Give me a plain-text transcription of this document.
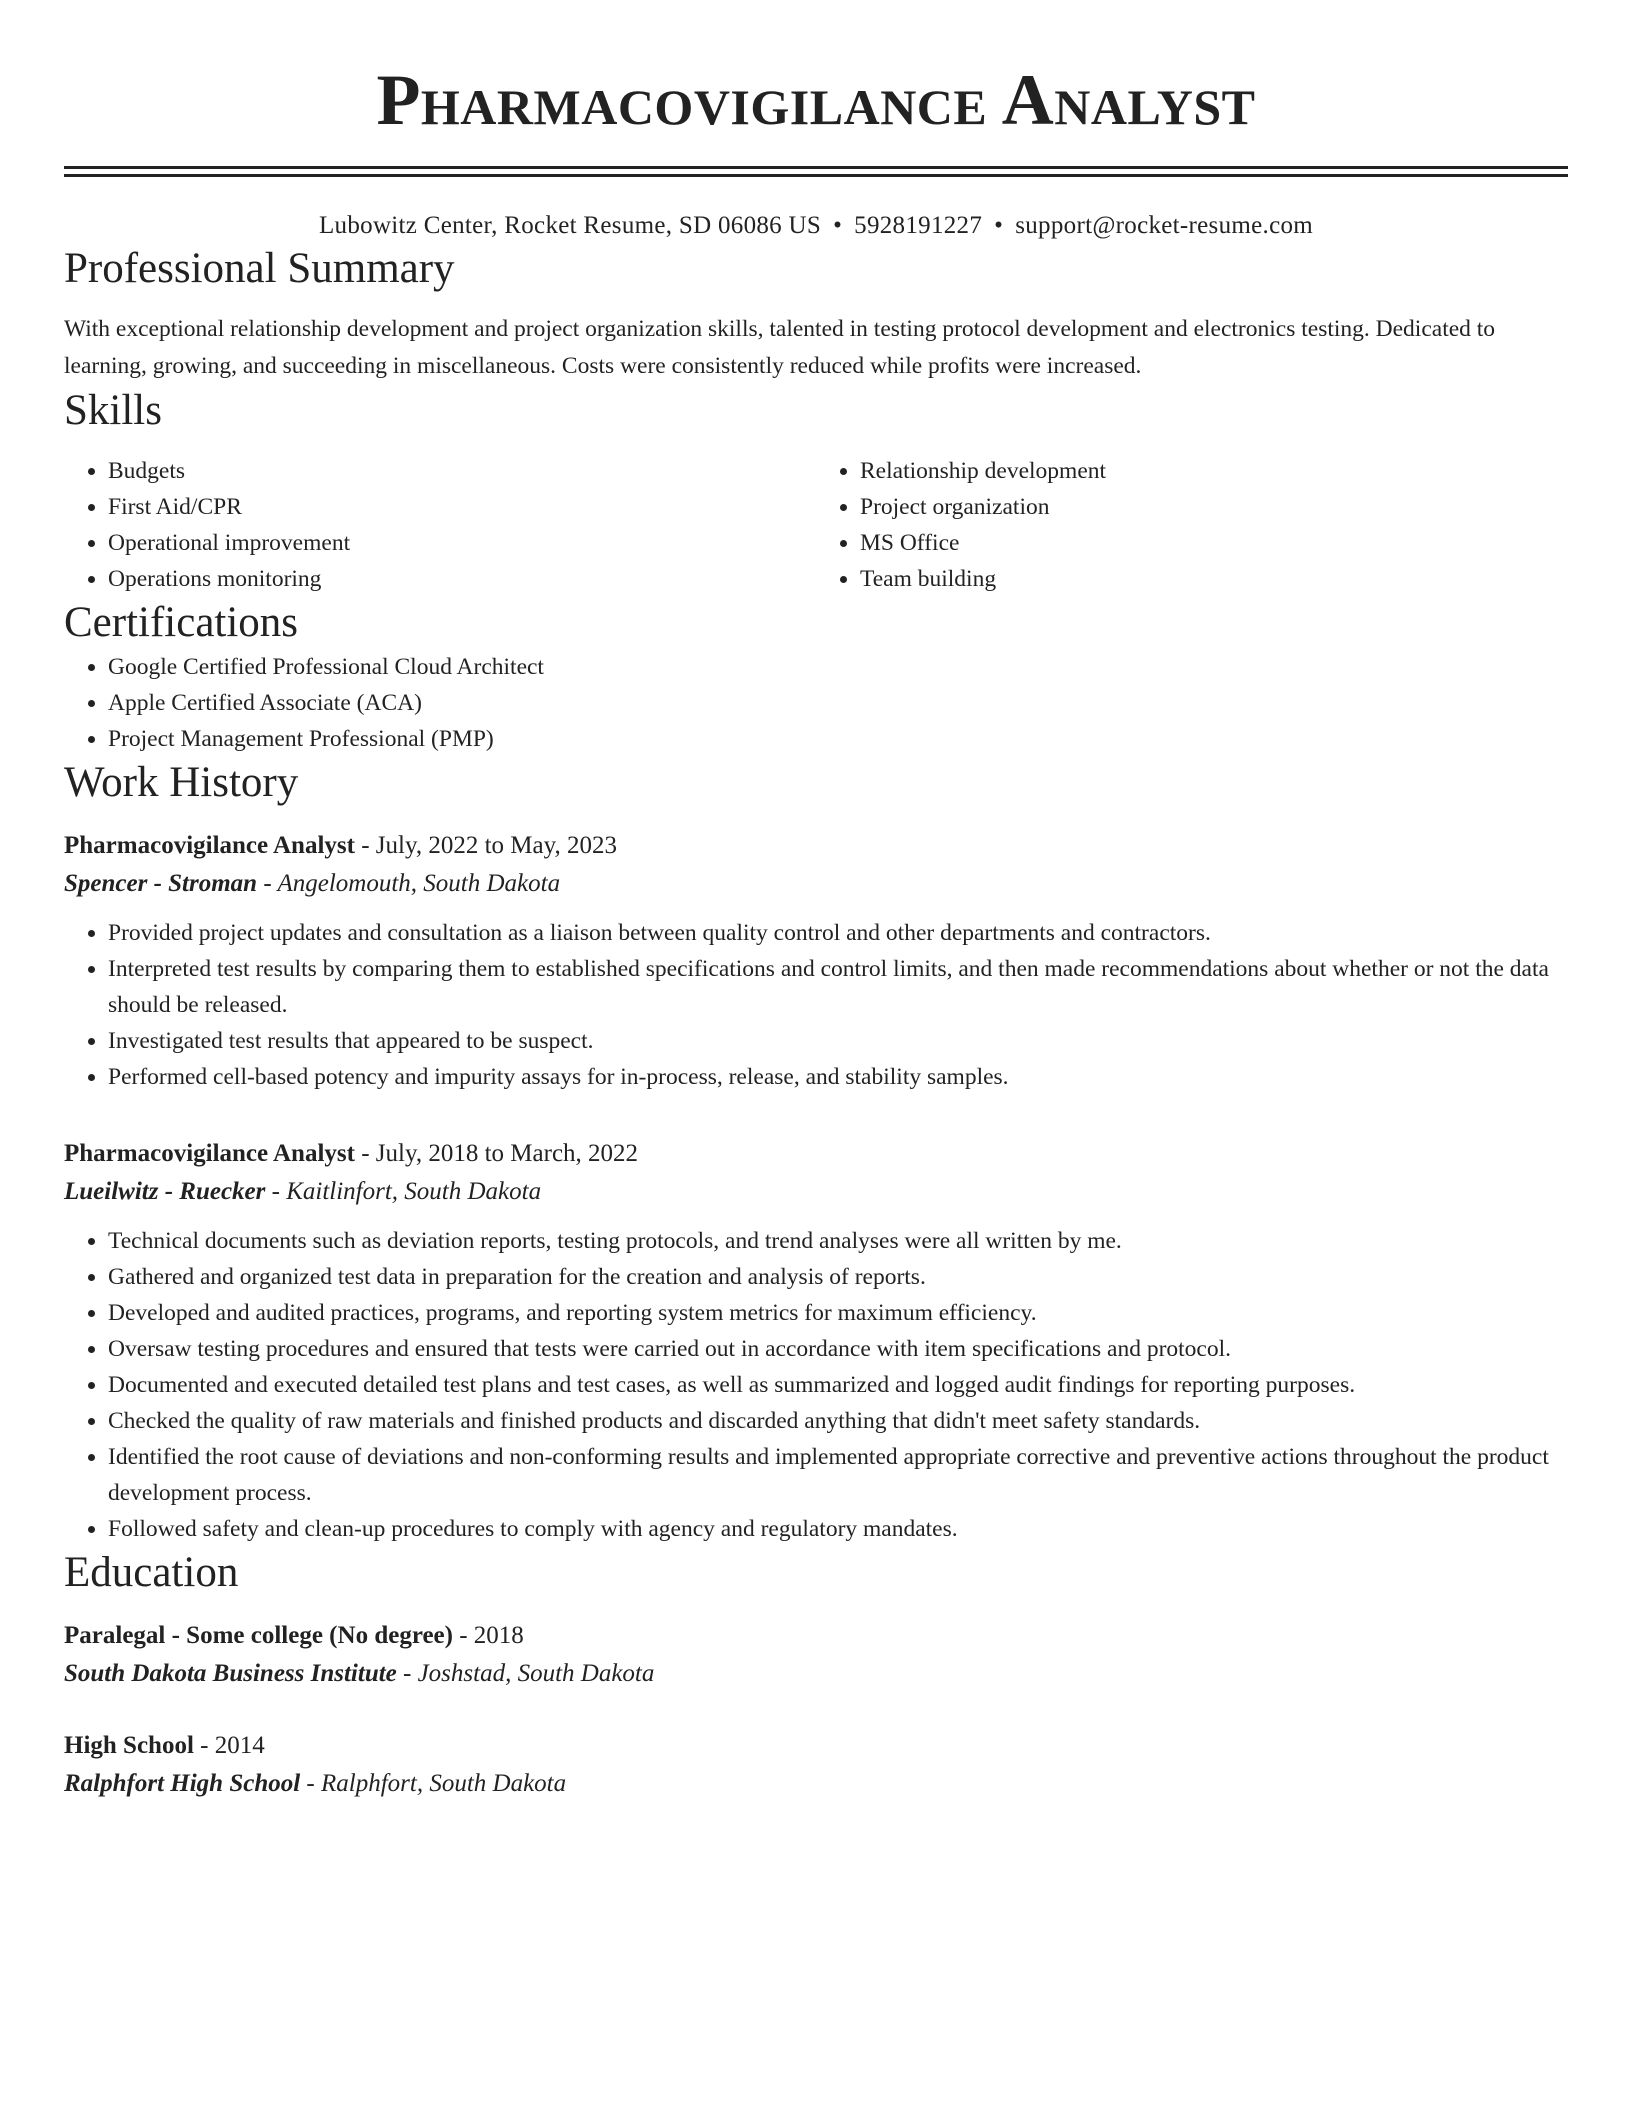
Pharmacovigilance Analyst
Lubowitz Center, Rocket Resume, SD 06086 US • 5928191227 • support@rocket-resume.com
Professional Summary

With exceptional relationship development and project organization skills, talented in testing protocol development and electronics testing. Dedicated to learning, growing, and succeeding in miscellaneous. Costs were consistently reduced while profits were increased.

Skills
• Budgets
• First Aid/CPR
• Operational improvement
• Operations monitoring
• Relationship development
• Project organization
• MS Office
• Team building
Certifications
• Google Certified Professional Cloud Architect
• Apple Certified Associate (ACA)
• Project Management Professional (PMP)
Work History
Pharmacovigilance Analyst - July, 2022 to May, 2023
Spencer - Stroman - Angelomouth, South Dakota
• Provided project updates and consultation as a liaison between quality control and other departments and contractors.
• Interpreted test results by comparing them to established specifications and control limits, and then made recommendations about whether or not the data should be released.
• Investigated test results that appeared to be suspect.
• Performed cell-based potency and impurity assays for in-process, release, and stability samples.
Pharmacovigilance Analyst - July, 2018 to March, 2022
Lueilwitz - Ruecker - Kaitlinfort, South Dakota
• Technical documents such as deviation reports, testing protocols, and trend analyses were all written by me.
• Gathered and organized test data in preparation for the creation and analysis of reports.
• Developed and audited practices, programs, and reporting system metrics for maximum efficiency.
• Oversaw testing procedures and ensured that tests were carried out in accordance with item specifications and protocol.
• Documented and executed detailed test plans and test cases, as well as summarized and logged audit findings for reporting purposes.
• Checked the quality of raw materials and finished products and discarded anything that didn't meet safety standards.
• Identified the root cause of deviations and non-conforming results and implemented appropriate corrective and preventive actions throughout the product development process.
• Followed safety and clean-up procedures to comply with agency and regulatory mandates.
Education
Paralegal - Some college (No degree) - 2018
South Dakota Business Institute - Joshstad, South Dakota
High School - 2014
Ralphfort High School - Ralphfort, South Dakota
